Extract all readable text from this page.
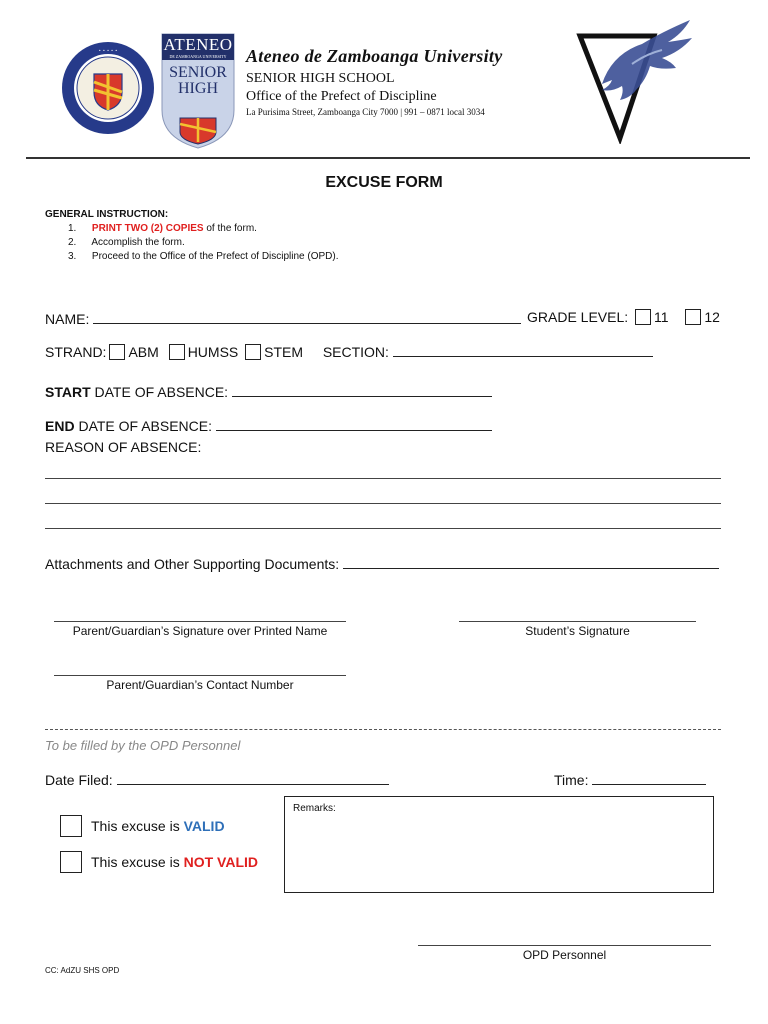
· · · · ·	ATENEO
DE ZAMBOANGA UNIVERSITY
SENIOR
HIGH
Ateneo de Zamboanga University
SENIOR HIGH SCHOOL
Office of the Prefect of Discipline
La Purisima Street, Zamboanga City 7000 | 991 – 0871 local 3034
EXCUSE FORM
GENERAL INSTRUCTION:
1. PRINT TWO (2) COPIES of the form.
2. Accomplish the form.
3. Proceed to the Office of the Prefect of Discipline (OPD).
NAME:	GRADE LEVEL: 11	12
STRAND: ABM HUMSS STEM SECTION:
START DATE OF ABSENCE:
END DATE OF ABSENCE:
REASON OF ABSENCE:
Attachments and Other Supporting Documents:
Parent/Guardian’s Signature over Printed Name	Student’s Signature
Parent/Guardian’s Contact Number
To be filled by the OPD Personnel
Date Filed:	Time:
This excuse is VALID
This excuse is NOT VALID
Remarks:
OPD Personnel
CC: AdZU SHS OPD
